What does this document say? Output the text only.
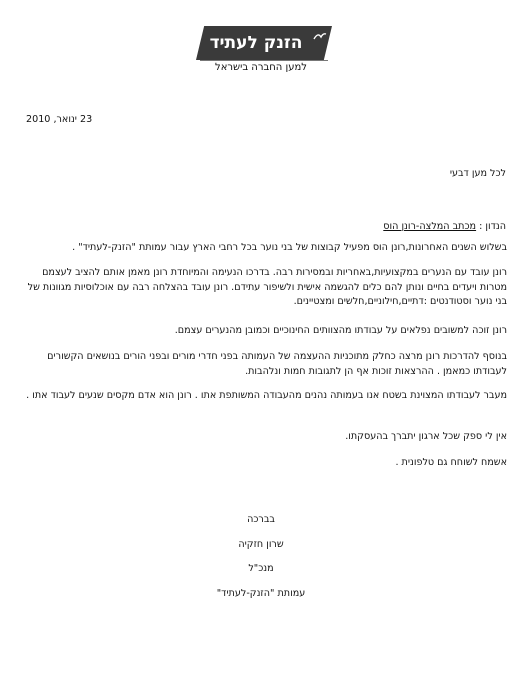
הזנק לעתיד
למען החברה בישראל
23 ינואר, 2010
לכל מען דבעי
הנדון : מכתב המלצה-רונן הוס
בשלוש השנים האחרונות,רונן הוס מפעיל קבוצות של בני נוער בכל רחבי הארץ עבור עמותת "הזנק-לעתיד" .
רונן עובד עם הנערים במקצועיות,באחריות ובמסירות רבה. בדרכו הנעימה והמיוחדת רונן מאמן אותם להציב לעצמם מטרות ויעדים בחיים ונותן להם כלים להגשמה אישית ולשיפור עתידם. רונן עובד בהצלחה רבה עם אוכלוסיות מגוונות של בני נוער וסטודנטים :דתיים,חילוניים,חלשים ומצטיינים.
רונן זוכה למשובים נפלאים על עבודתו מהצוותים החינוכיים וכמובן מהנערים עצמם.
בנוסף להדרכות רונן מרצה כחלק מתוכניות ההעצמה של העמותה בפני חדרי מורים ובפני הורים בנושאים הקשורים לעבודתו כמאמן . ההרצאות זוכות אף הן לתגובות חמות ונלהבות.
מעבר לעבודתו המצוינת בשטח אנו בעמותה נהנים מהעבודה המשותפת אתו . רונן הוא אדם מקסים שנעים לעבוד אתו .
אין לי ספק שכל ארגון יתברך בהעסקתו.
אשמח לשוחח גם טלפונית .
בברכה
שרון חזקיה
מנכ"ל
עמותת "הזנק-לעתיד"
